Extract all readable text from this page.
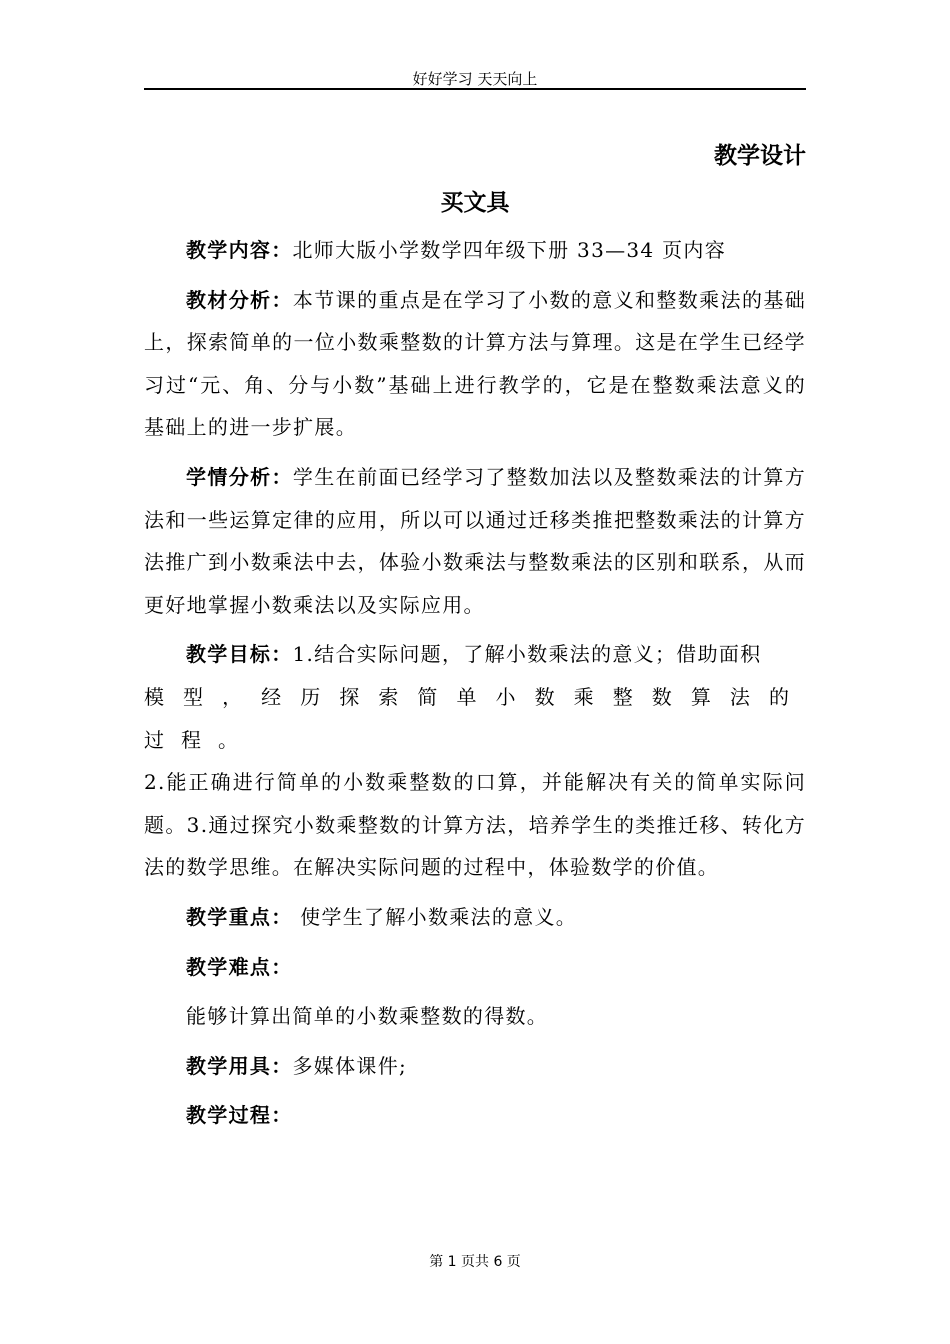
好好学习 天天向上
教学设计
买文具

教学内容：北师大版小学数学四年级下册 33—34 页内容

教材分析：本节课的重点是在学习了小数的意义和整数乘法的基础上，探索简单的一位小数乘整数的计算方法与算理。这是在学生已经学习过“元、角、分与小数”基础上进行教学的，它是在整数乘法意义的基础上的进一步扩展。

学情分析：学生在前面已经学习了整数加法以及整数乘法的计算方法和一些运算定律的应用，所以可以通过迁移类推把整数乘法的计算方法推广到小数乘法中去，体验小数乘法与整数乘法的区别和联系，从而更好地掌握小数乘法以及实际应用。

教学目标：1.结合实际问题，了解小数乘法的意义；借助面积
模型，经历探索简单小数乘整数算法的过程。
2.能正确进行简单的小数乘整数的口算，并能解决有关的简单实际问题。3.通过探究小数乘整数的计算方法，培养学生的类推迁移、转化方法的数学思维。在解决实际问题的过程中，体验数学的价值。

教学重点： 使学生了解小数乘法的意义。

教学难点：

能够计算出简单的小数乘整数的得数。

教学用具：多媒体课件;

教学过程：

第 1 页共 6 页
